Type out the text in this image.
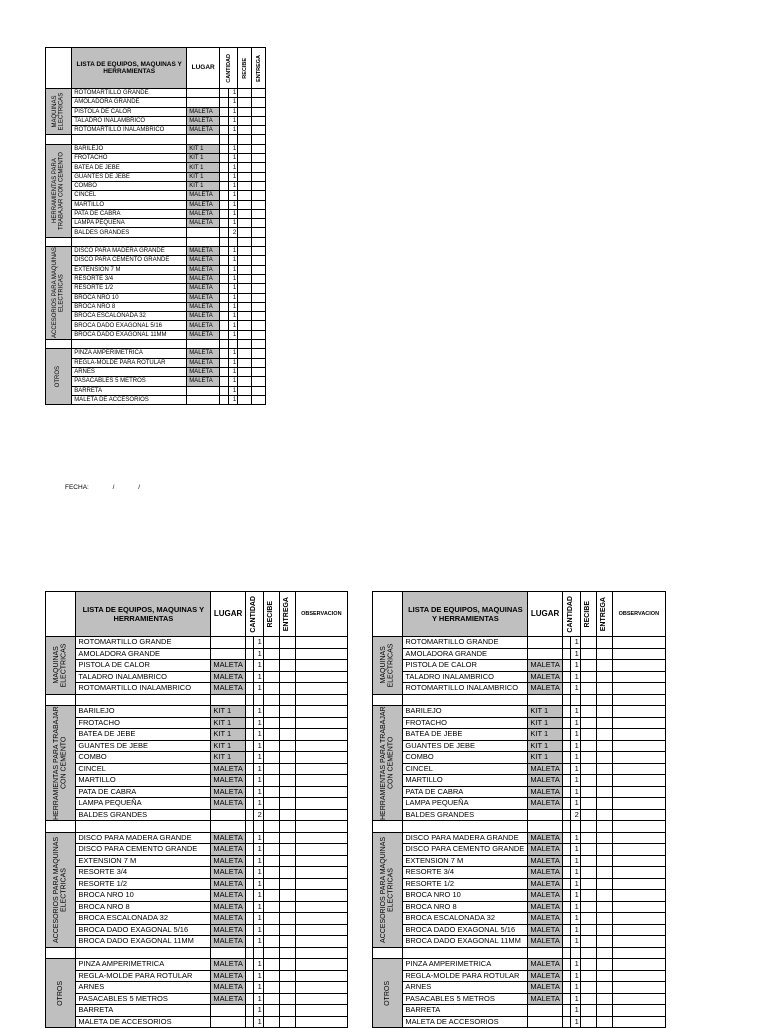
	LISTA DE EQUIPOS, MAQUINAS Y HERRAMIENTAS	LUGAR	CANTIDAD		RECIBE	ENTREGA

MAQUINAS ELECTRICAS	ROTOMARTILLO GRANDE			1		
	AMOLADORA GRANDE			1		
	PISTOLA DE CALOR	MALETA		1		
	TALADRO INALAMBRICO	MALETA		1		
	ROTOMARTILLO INALAMBRICO	MALETA		1		

HERRAMIENTAS PARA TRABAJAR CON CEMENTO	BARILEJO	KIT 1		1		
	FROTACHO	KIT 1		1		
	BATEA DE JEBE	KIT 1		1		
	GUANTES DE JEBE	KIT 1		1		
	COMBO	KIT 1		1		
	CINCEL	MALETA		1		
	MARTILLO	MALETA		1		
	PATA DE CABRA	MALETA		1		
	LAMPA PEQUEÑA	MALETA		1		
	BALDES GRANDES			2		

ACCESORIOS PARA MAQUINAS ELECTRICAS	DISCO PARA MADERA GRANDE	MALETA		1		
	DISCO PARA CEMENTO GRANDE	MALETA		1		
	EXTENSION 7 M	MALETA		1		
	RESORTE 3/4	MALETA		1		
	RESORTE 1/2	MALETA		1		
	BROCA NRO 10	MALETA		1		
	BROCA NRO 8	MALETA		1		
	BROCA ESCALONADA 32	MALETA		1		
	BROCA DADO EXAGONAL 5/16	MALETA		1		
	BROCA DADO EXAGONAL 11MM	MALETA		1		

OTROS	PINZA AMPERIMETRICA	MALETA		1		
	REGLA-MOLDE PARA ROTULAR	MALETA		1		
	ARNES	MALETA		1		
	PASACABLES 5 METROS	MALETA		1		
	BARRETA			1		
	MALETA DE ACCESORIOS			1		
FECHA:	/	/
	LISTA DE EQUIPOS, MAQUINAS Y HERRAMIENTAS	LUGAR	CANTIDAD		RECIBE	ENTREGA	OBSERVACION

MAQUINAS ELECTRICAS	ROTOMARTILLO GRANDE			1			
	AMOLADORA GRANDE			1			
	PISTOLA DE CALOR	MALETA		1			
	TALADRO INALAMBRICO	MALETA		1			
	ROTOMARTILLO INALAMBRICO	MALETA		1			

HERRAMIENTAS PARA TRABAJAR CON CEMENTO	BARILEJO	KIT 1		1			
	FROTACHO	KIT 1		1			
	BATEA DE JEBE	KIT 1		1			
	GUANTES DE JEBE	KIT 1		1			
	COMBO	KIT 1		1			
	CINCEL	MALETA		1			
	MARTILLO	MALETA		1			
	PATA DE CABRA	MALETA		1			
	LAMPA PEQUEÑA	MALETA		1			
	BALDES GRANDES			2			

ACCESORIOS PARA MAQUINAS ELECTRICAS	DISCO PARA MADERA GRANDE	MALETA		1			
	DISCO PARA CEMENTO GRANDE	MALETA		1			
	EXTENSION 7 M	MALETA		1			
	RESORTE 3/4	MALETA		1			
	RESORTE 1/2	MALETA		1			
	BROCA NRO 10	MALETA		1			
	BROCA NRO 8	MALETA		1			
	BROCA ESCALONADA 32	MALETA		1			
	BROCA DADO EXAGONAL 5/16	MALETA		1			
	BROCA DADO EXAGONAL 11MM	MALETA		1			

OTROS	PINZA AMPERIMETRICA	MALETA		1			
	REGLA-MOLDE PARA ROTULAR	MALETA		1			
	ARNES	MALETA		1			
	PASACABLES 5 METROS	MALETA		1			
	BARRETA			1			
	MALETA DE ACCESORIOS			1			
	LISTA DE EQUIPOS, MAQUINAS Y HERRAMIENTAS	LUGAR	CANTIDAD		RECIBE	ENTREGA	OBSERVACION

MAQUINAS ELECTRICAS	ROTOMARTILLO GRANDE			1			
	AMOLADORA GRANDE			1			
	PISTOLA DE CALOR	MALETA		1			
	TALADRO INALAMBRICO	MALETA		1			
	ROTOMARTILLO INALAMBRICO	MALETA		1			

HERRAMIENTAS PARA TRABAJAR CON CEMENTO	BARILEJO	KIT 1		1			
	FROTACHO	KIT 1		1			
	BATEA DE JEBE	KIT 1		1			
	GUANTES DE JEBE	KIT 1		1			
	COMBO	KIT 1		1			
	CINCEL	MALETA		1			
	MARTILLO	MALETA		1			
	PATA DE CABRA	MALETA		1			
	LAMPA PEQUEÑA	MALETA		1			
	BALDES GRANDES			2			

ACCESORIOS PARA MAQUINAS ELECTRICAS	DISCO PARA MADERA GRANDE	MALETA		1			
	DISCO PARA CEMENTO GRANDE	MALETA		1			
	EXTENSION 7 M	MALETA		1			
	RESORTE 3/4	MALETA		1			
	RESORTE 1/2	MALETA		1			
	BROCA NRO 10	MALETA		1			
	BROCA NRO 8	MALETA		1			
	BROCA ESCALONADA 32	MALETA		1			
	BROCA DADO EXAGONAL 5/16	MALETA		1			
	BROCA DADO EXAGONAL 11MM	MALETA		1			

OTROS	PINZA AMPERIMETRICA	MALETA		1			
	REGLA-MOLDE PARA ROTULAR	MALETA		1			
	ARNES	MALETA		1			
	PASACABLES 5 METROS	MALETA		1			
	BARRETA			1			
	MALETA DE ACCESORIOS			1			
